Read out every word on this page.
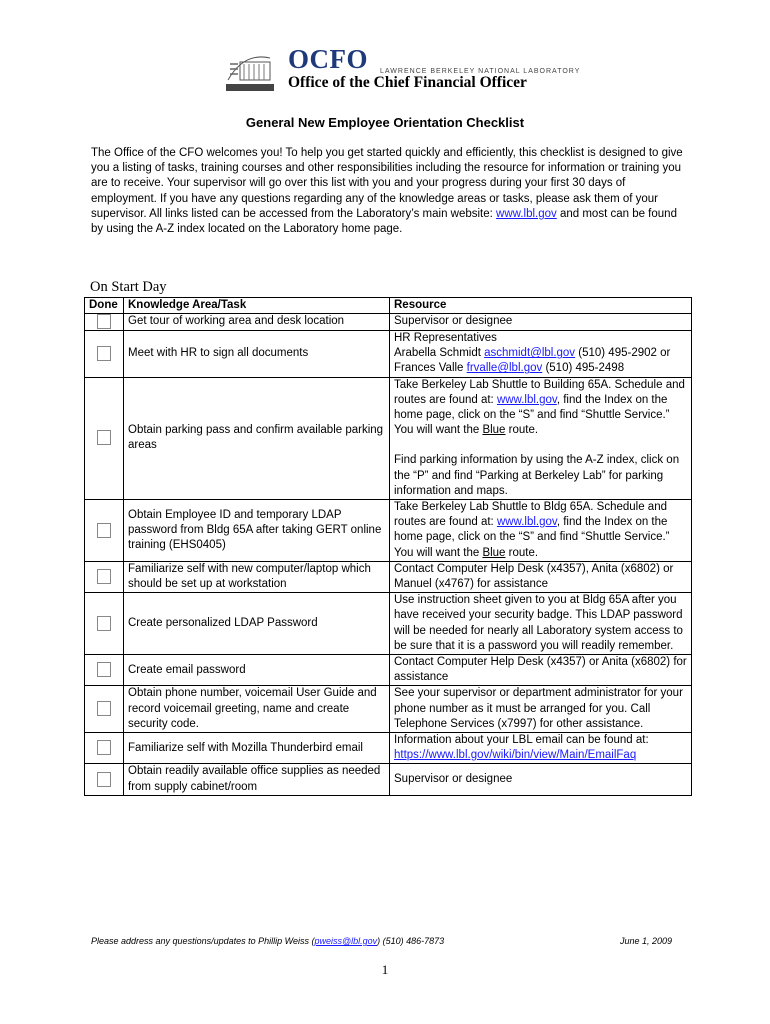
OCFO LAWRENCE BERKELEY NATIONAL LABORATORY
Office of the Chief Financial Officer
General New Employee Orientation Checklist
The Office of the CFO welcomes you! To help you get started quickly and efficiently, this checklist is designed to give you a listing of tasks, training courses and other responsibilities including the resource for information or training you are to receive. Your supervisor will go over this list with you and your progress during your first 30 days of employment. If you have any questions regarding any of the knowledge areas or tasks, please ask them of your supervisor. All links listed can be accessed from the Laboratory’s main website: www.lbl.gov and most can be found by using the A-Z index located on the Laboratory home page.
On Start Day
Done	Knowledge Area/Task	Resource
	Get tour of working area and desk location	Supervisor or designee
	Meet with HR to sign all documents	HR Representatives
Arabella Schmidt aschmidt@lbl.gov (510) 495-2902 or Frances Valle frvalle@lbl.gov (510) 495-2498

	Obtain parking pass and confirm available parking areas	Take Berkeley Lab Shuttle to Building 65A. Schedule and routes are found at: www.lbl.gov, find the Index on the home page, click on the “S” and find “Shuttle Service.” You will want the Blue route.
Find parking information by using the A-Z index, click on the “P” and find “Parking at Berkeley Lab” for parking information and maps.

	Obtain Employee ID and temporary LDAP password from Bldg 65A after taking GERT online training (EHS0405)	Take Berkeley Lab Shuttle to Bldg 65A. Schedule and routes are found at: www.lbl.gov, find the Index on the home page, click on the “S” and find “Shuttle Service.” You will want the Blue route.
	Familiarize self with new computer/laptop which should be set up at workstation	Contact Computer Help Desk (x4357), Anita (x6802) or Manuel (x4767) for assistance
	Create personalized LDAP Password	Use instruction sheet given to you at Bldg 65A after you have received your security badge. This LDAP password will be needed for nearly all Laboratory system access to be sure that it is a password you will readily remember.
	Create email password	Contact Computer Help Desk (x4357) or Anita (x6802) for assistance
	Obtain phone number, voicemail User Guide and record voicemail greeting, name and create security code.	See your supervisor or department administrator for your phone number as it must be arranged for you. Call Telephone Services (x7997) for other assistance.
	Familiarize self with Mozilla Thunderbird email	Information about your LBL email can be found at:
https://www.lbl.gov/wiki/bin/view/Main/EmailFaq
	Obtain readily available office supplies as needed from supply cabinet/room	Supervisor or designee
Please address any questions/updates to Phillip Weiss (pweiss@lbl.gov) (510) 486-7873	June 1, 2009
1
